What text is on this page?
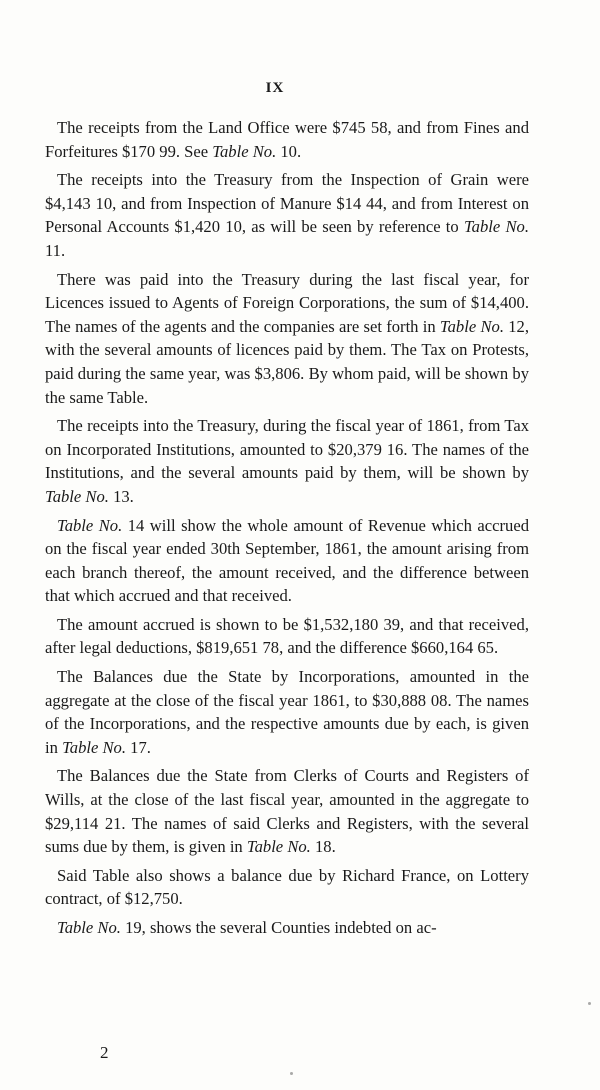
IX

The receipts from the Land Office were $745 58, and from Fines and Forfeitures $170 99. See Table No. 10.

The receipts into the Treasury from the Inspection of Grain were $4,143 10, and from Inspection of Manure $14 44, and from Interest on Personal Accounts $1,420 10, as will be seen by reference to Table No. 11.

There was paid into the Treasury during the last fiscal year, for Licences issued to Agents of Foreign Corporations, the sum of $14,400. The names of the agents and the companies are set forth in Table No. 12, with the several amounts of licences paid by them. The Tax on Protests, paid during the same year, was $3,806. By whom paid, will be shown by the same Table.

The receipts into the Treasury, during the fiscal year of 1861, from Tax on Incorporated Institutions, amounted to $20,379 16. The names of the Institutions, and the several amounts paid by them, will be shown by Table No. 13.

Table No. 14 will show the whole amount of Revenue which accrued on the fiscal year ended 30th September, 1861, the amount arising from each branch thereof, the amount received, and the difference between that which accrued and that received.

The amount accrued is shown to be $1,532,180 39, and that received, after legal deductions, $819,651 78, and the difference $660,164 65.

The Balances due the State by Incorporations, amounted in the aggregate at the close of the fiscal year 1861, to $30,888 08. The names of the Incorporations, and the respective amounts due by each, is given in Table No. 17.

The Balances due the State from Clerks of Courts and Registers of Wills, at the close of the last fiscal year, amounted in the aggregate to $29,114 21. The names of said Clerks and Registers, with the several sums due by them, is given in Table No. 18.

Said Table also shows a balance due by Richard France, on Lottery contract, of $12,750.

Table No. 19, shows the several Counties indebted on ac-

2
